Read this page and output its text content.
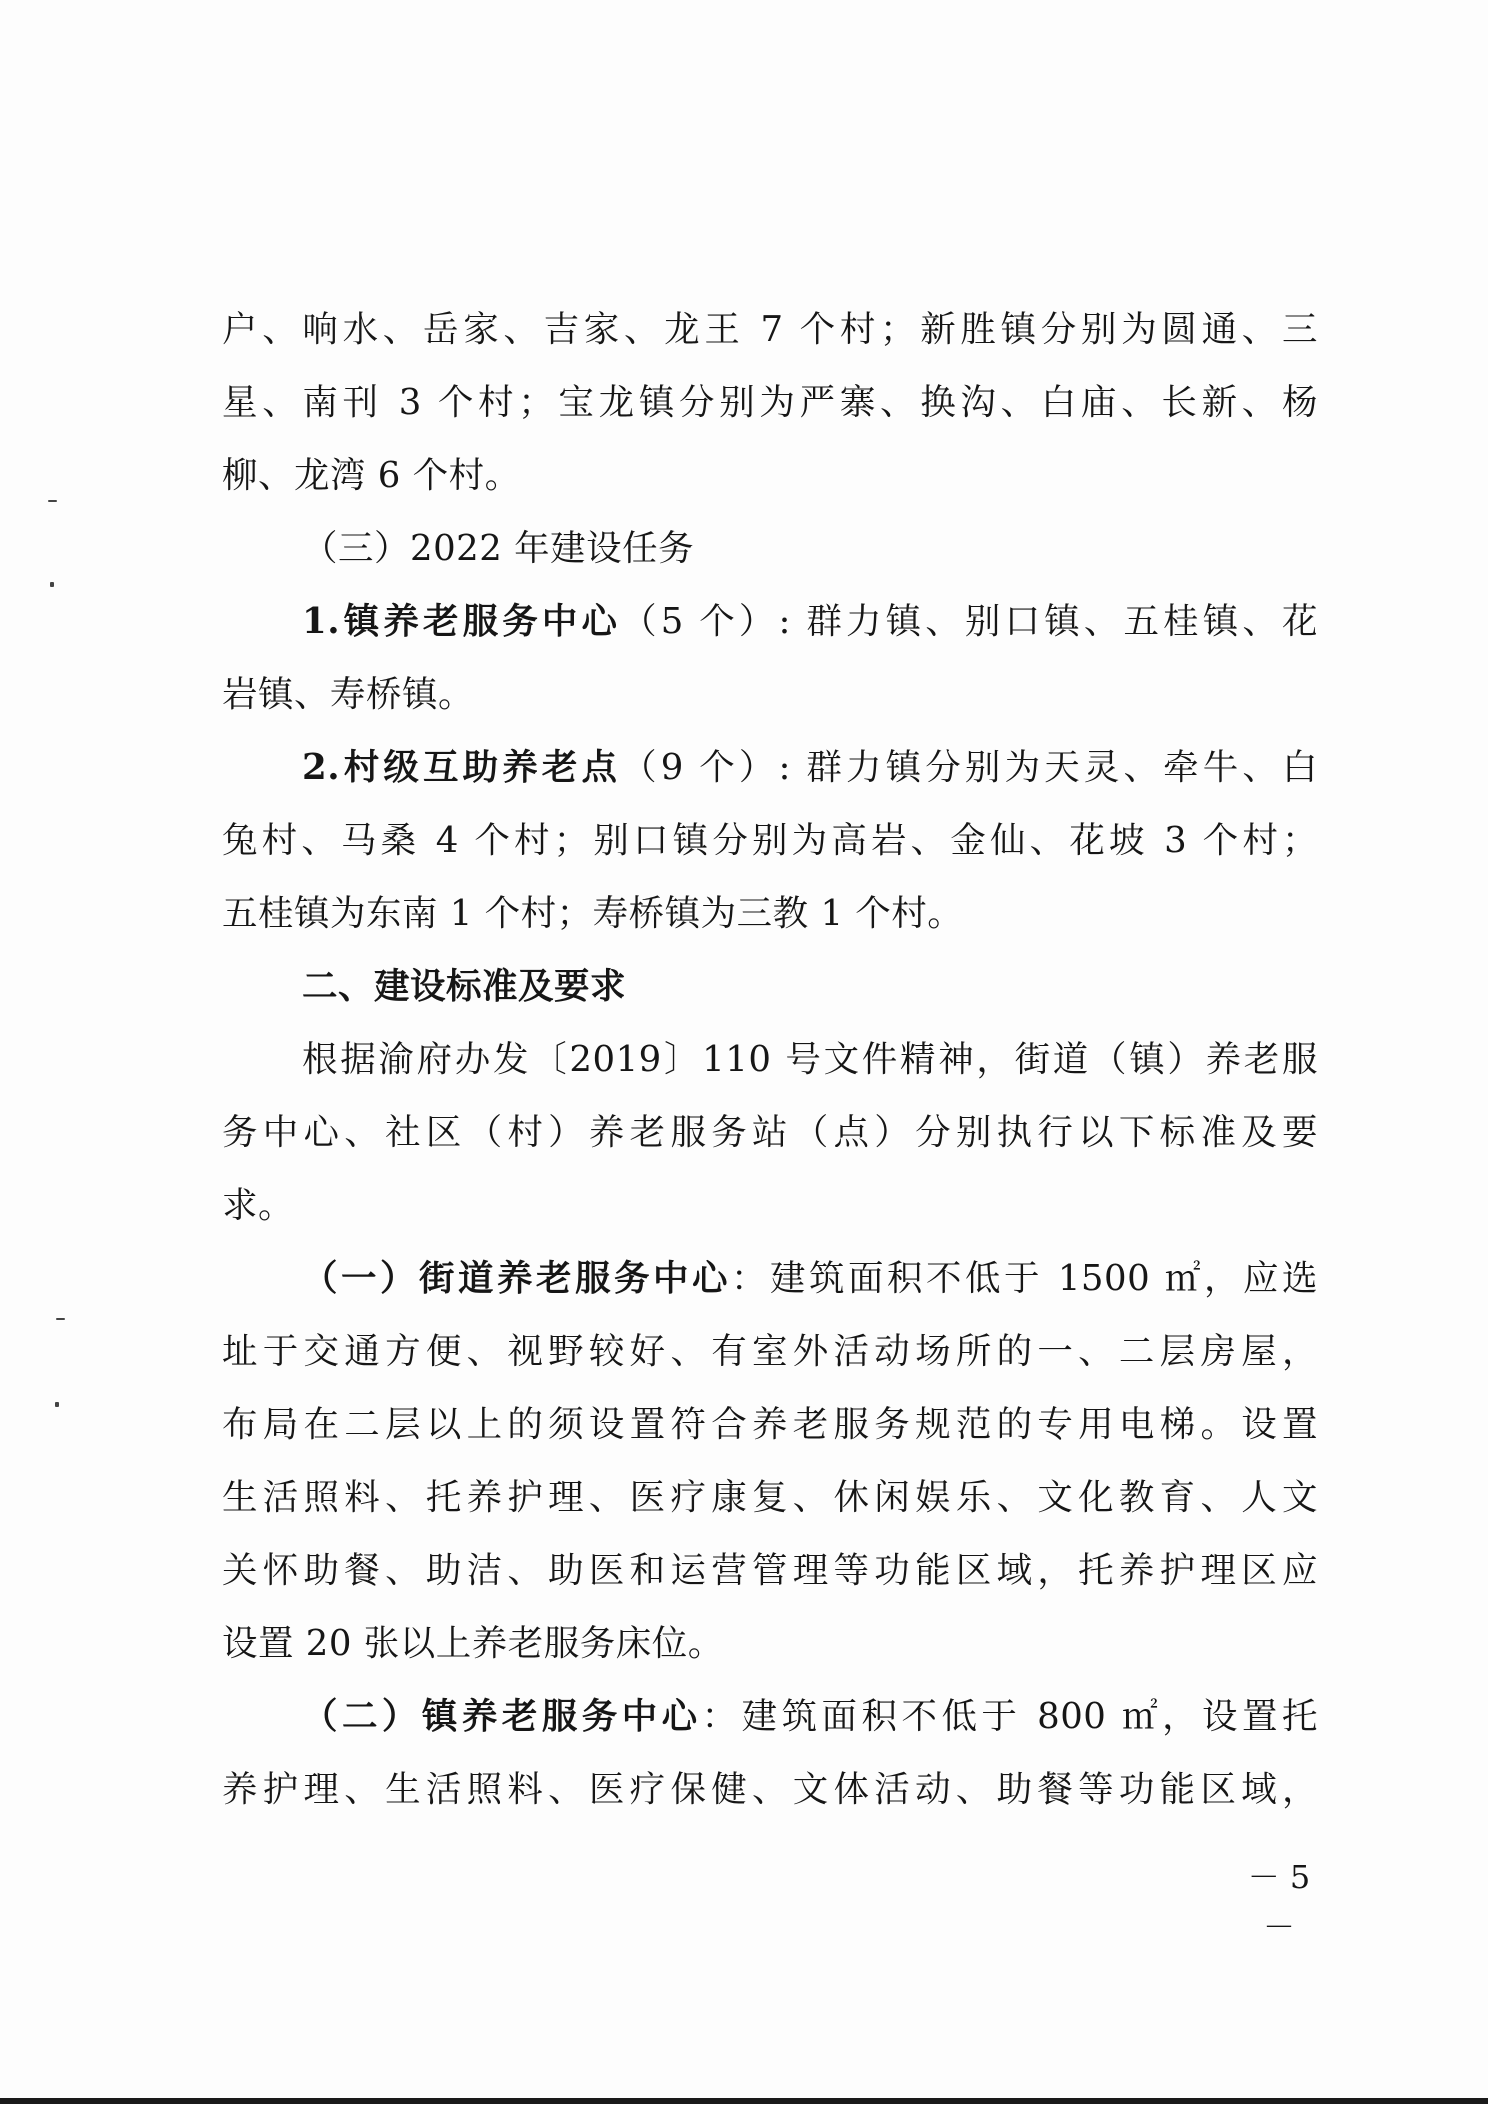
户、响水、岳家、吉家、龙王 7 个村；新胜镇分别为圆通、三
星、南刊 3 个村；宝龙镇分别为严寨、换沟、白庙、长新、杨
柳、龙湾 6 个村。
（三）2022 年建设任务
1.镇养老服务中心（5 个）: 群力镇、别口镇、五桂镇、花
岩镇、寿桥镇。
2.村级互助养老点（9 个）: 群力镇分别为天灵、牵牛、白
兔村、马桑 4 个村；别口镇分别为高岩、金仙、花坡 3 个村；
五桂镇为东南 1 个村；寿桥镇为三教 1 个村。
二、建设标准及要求
根据渝府办发〔2019〕110 号文件精神，街道（镇）养老服
务中心、社区（村）养老服务站（点）分别执行以下标准及要
求。
（一）街道养老服务中心：建筑面积不低于 1500 ㎡，应选
址于交通方便、视野较好、有室外活动场所的一、二层房屋，
布局在二层以上的须设置符合养老服务规范的专用电梯。设置
生活照料、托养护理、医疗康复、休闲娱乐、文化教育、人文
关怀助餐、助洁、助医和运营管理等功能区域，托养护理区应
设置 20 张以上养老服务床位。
（二）镇养老服务中心：建筑面积不低于 800 ㎡，设置托
养护理、生活照料、医疗保健、文体活动、助餐等功能区域，
－ 5 －
